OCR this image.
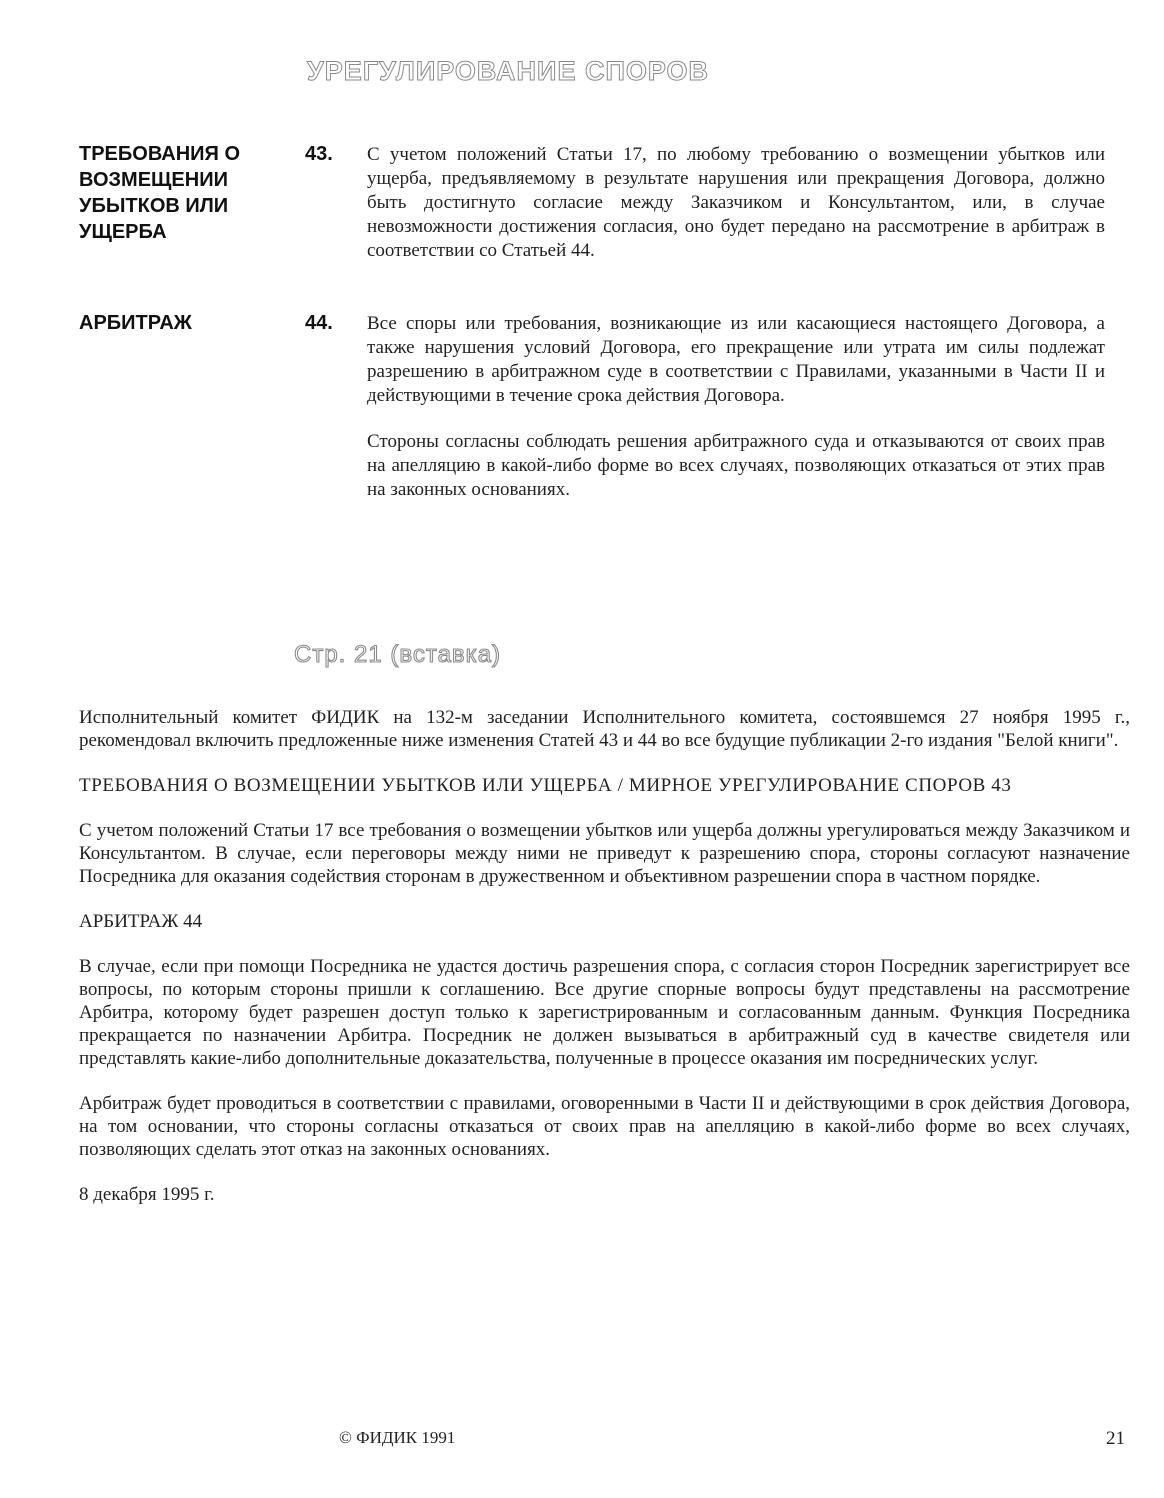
УРЕГУЛИРОВАНИЕ СПОРОВ
ТРЕБОВАНИЯ О ВОЗМЕЩЕНИИ УБЫТКОВ ИЛИ УЩЕРБА
43. С учетом положений Статьи 17, по любому требованию о возмещении убытков или ущерба, предъявляемому в результате нарушения или прекращения Договора, должно быть достигнуто согласие между Заказчиком и Консультантом, или, в случае невозможности достижения согласия, оно будет передано на рассмотрение в арбитраж в соответствии со Статьей 44.

АРБИТРАЖ	44. Все споры или требования, возникающие из или касающиеся настоящего Договора, а также нарушения условий Договора, его прекращение или утрата им силы подлежат разрешению в арбитражном суде в соответствии с Правилами, указанными в Части II и действующими в течение срока действия Договора.

Стороны согласны соблюдать решения арбитражного суда и отказываются от своих прав на апелляцию в какой-либо форме во всех случаях, позволяющих отказаться от этих прав на законных основаниях.

Стр. 21 (вставка)

Исполнительный комитет ФИДИК на 132-м заседании Исполнительного комитета, состоявшемся 27 ноября 1995 г., рекомендовал включить предложенные ниже изменения Статей 43 и 44 во все будущие публикации 2-го издания "Белой книги".

ТРЕБОВАНИЯ О ВОЗМЕЩЕНИИ УБЫТКОВ ИЛИ УЩЕРБА / МИРНОЕ УРЕГУЛИРОВАНИЕ СПОРОВ 43

С учетом положений Статьи 17 все требования о возмещении убытков или ущерба должны урегулироваться между Заказчиком и Консультантом. В случае, если переговоры между ними не приведут к разрешению спора, стороны согласуют назначение Посредника для оказания содействия сторонам в дружественном и объективном разрешении спора в частном порядке.

АРБИТРАЖ 44

В случае, если при помощи Посредника не удастся достичь разрешения спора, с согласия сторон Посредник зарегистрирует все вопросы, по которым стороны пришли к соглашению. Все другие спорные вопросы будут представлены на рассмотрение Арбитра, которому будет разрешен доступ только к зарегистрированным и согласованным данным. Функция Посредника прекращается по назначении Арбитра. Посредник не должен вызываться в арбитражный суд в качестве свидетеля или представлять какие-либо дополнительные доказательства, полученные в процессе оказания им посреднических услуг.

Арбитраж будет проводиться в соответствии с правилами, оговоренными в Части II и действующими в срок действия Договора, на том основании, что стороны согласны отказаться от своих прав на апелляцию в какой-либо форме во всех случаях, позволяющих сделать этот отказ на законных основаниях.

8 декабря 1995 г.

© ФИДИК 1991	21
